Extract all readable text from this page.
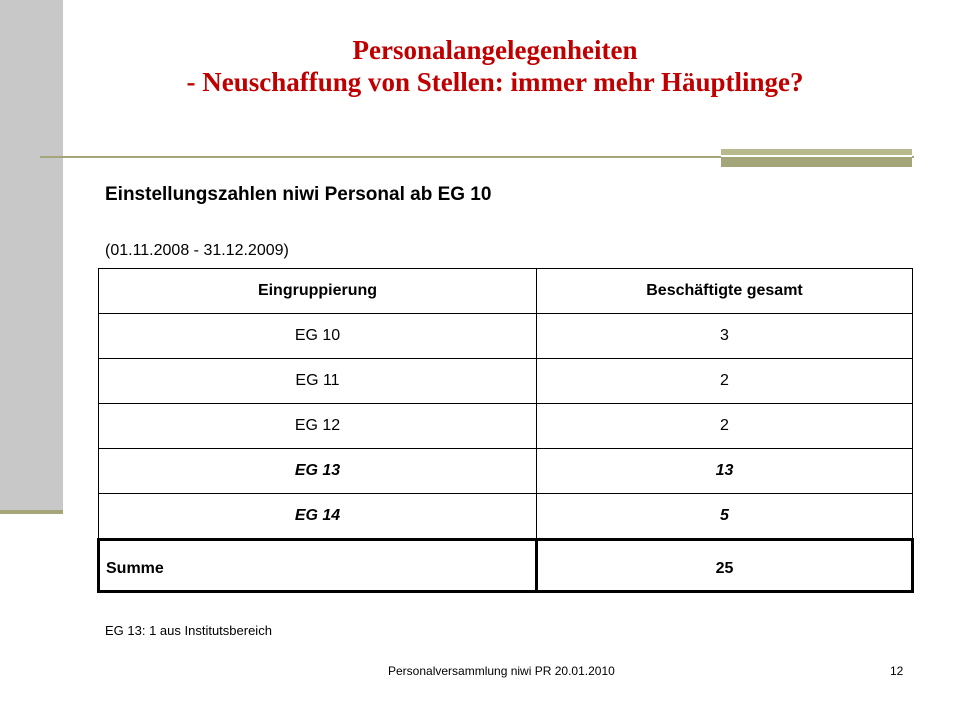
Personalangelegenheiten
- Neuschaffung von Stellen: immer mehr Häuptlinge?
Einstellungszahlen niwi Personal ab EG 10
(01.11.2008 - 31.12.2009)
Eingruppierung	Beschäftigte gesamt
EG 10	3
EG 11	2
EG 12	2
EG 13	13
EG 14	5
Summe	25
EG 13: 1 aus Institutsbereich
Personalversammlung niwi PR 20.01.2010	12
